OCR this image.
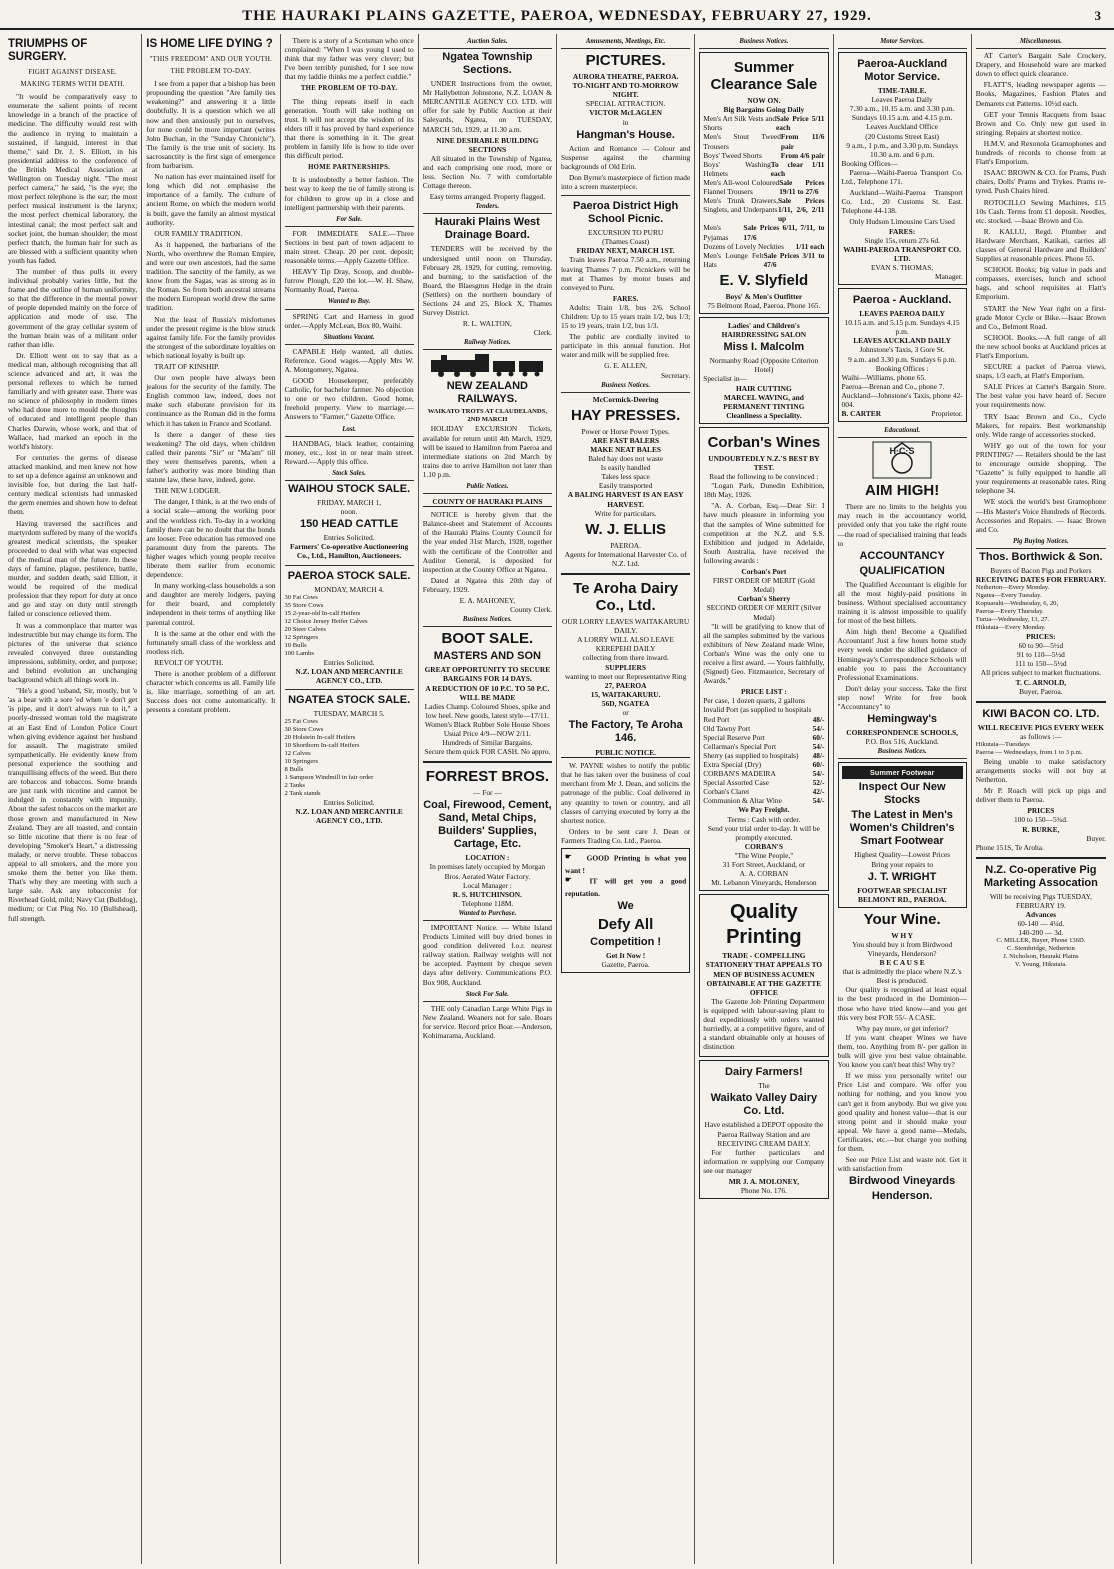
THE HAURAKI PLAINS GAZETTE, PAEROA, WEDNESDAY, FEBRUARY 27, 1929.	3
TRIUMPHS OF SURGERY.
FIGHT AGAINST DISEASE.
MAKING TERMS WITH DEATH.
"It would be comparatively easy to enumerate the salient points of recent knowledge in a branch of the practice of medicine. The difficulty would rest with the audience in trying to maintain a sustained, if languid, interest in that theme," said Dr. J. S. Elliott, in his presidential address to the conference of the British Medical Association at Wellington on Tuesday night. "The most perfect camera," he said, "is the eye; the most perfect telephone is the ear; the most perfect musical instrument is the larynx; the most perfect chemical laboratory, the intestinal canal; the most perfect salt and socket joint, the human shoulder; the most perfect thatch, the human hair for such as are blessed with a sufficient quantity when youth has faded.
The number of thus pulls in every individual probably varies little, but the frame and the outline of human uniformity, so that the difference in the mental power of people depended mainly on the force of application and mode of use. The government of the gray cellular system of the human brain was of a militant order rather than idle.
Dr. Elliott went on to say that as a medical man, although recognising that all science advanced and art, it was the personal reflexes to which he turned familiarly and with greater ease. There was no science of philosophy in modern times who had done more to mould the thoughts of educated and intelligent people than Charles Darwin, whose work, and that of Wallace, had marked an epoch in the world's history.
For centuries the germs of disease attacked mankind, and men knew not how to set up a defence against an unknown and invisible foe, but during the last half-century medical scientists had unmasked the germ enemies and shown how to defeat them.
Having traversed the sacrifices and martyrdom suffered by many of the world's greatest medical scientists, the speaker proceeded to deal with what was expected of the medical man of the future. In these days of famine, plague, pestilence, battle, murder, and sudden death, said Elliott, it would be required of the medical profession that they report for duty at once and go and stay on duty until strength failed or conscience relieved them.
It was a commonplace that matter was indestructible but may change its form. The pictures of the universe that science revealed conveyed three outstanding impressions, sublimity, order, and purpose; and behind evolution an unchanging background which all things work in.
"He's a good 'usband, Sir, mostly, but 'e 'as a bear with a sore 'ed when 'e don't get 'is pipe, and it don't always run to it," a poorly-dressed woman told the magistrate at an East End of London Police Court when giving evidence against her husband for assault. The magistrate smiled sympathetically. He evidently knew from personal experience the soothing and tranquillising effects of the weed. But there are tobaccos and tobaccos. Some brands are just rank with nicotine and cannot be indulged in constantly with impunity. About the safest tobaccos on the market are those grown and manufactured in New Zealand. They are all toasted, and contain so little nicotine that there is no fear of developing "Smoker's Heart," a distressing malady, or nerve trouble. These tobaccos appeal to all smokers, and the more you smoke them the better you like them. That's why they are meeting with such a large sale. Ask any tobacconist for Riverhead Gold, mild; Navy Cut (Bulldog), medium; or Cut Plug No. 10 (Bullshead), full strength.
IS HOME LIFE DYING ?
"THIS FREEDOM" AND OUR YOUTH.
THE PROBLEM TO-DAY.
I see from a paper that a bishop has been propounding the question "Are family ties weakening?" and answering it a little doubtfully. It is a question which we all now and then anxiously put to ourselves, for none could be more important (writes John Buchan, in the "Sunday Chronicle"). The family is the true unit of society. Its sacrosanctity is the first sign of emergence from barbarism.
No nation has ever maintained itself for long which did not emphasise the importance of a family. The culture of ancient Rome, on which the modern world is built, gave the family an almost mystical authority.
OUR FAMILY TRADITION.
As it happened, the barbarians of the North, who overthrew the Roman Empire, and were our own ancestors, had the same tradition. The sanctity of the family, as we know from the Sagas, was as strong as in the Roman. So from both ancestral streams the modern European world drew the same tradition.
Not the least of Russia's misfortunes under the present regime is the blow struck against family life. For the family provides the strongest of the subordinate loyalties on which national loyalty is built up.
TRAIT OF KINSHIP.
Our own people have always been jealous for the security of the family. The English common law, indeed, does not make such elaborate provision for its continuance as the Roman did in the forms which it has taken in France and Scotland.
Is there a danger of these ties weakening? The old days, when children called their parents "Sir" or "Ma'am" till they were themselves parents, when a father's authority was more binding than statute law, these have, indeed, gone.
THE NEW LODGER.
The danger, I think, is at the two ends of a social scale—among the working poor and the workless rich. To-day in a working family there can be no doubt that the bonds are looser. Free education has removed one paramount duty from the parents. The higher wages which young people receive liberate them earlier from economic dependence.
In many working-class households a son and daughter are merely lodgers, paying for their board, and completely independent in their terms of anything like parental control.
It is the same at the other end with the fortunately small class of the workless and rootless rich.
REVOLT OF YOUTH.
There is another problem of a different character which concerns us all. Family life is, like marriage, something of an art. Success does not come automatically. It presents a constant problem.
There is a story of a Scotsman who once complained: "When I was young I used to think that my father was very clever; but I've been terribly punished, for I see now that my laddie thinks me a perfect cuddie."
THE PROBLEM OF TO-DAY.
The thing repeats itself in each generation. Youth will take nothing on trust. It will not accept the wisdom of its elders till it has proved by hard experience that there is something in it. The great problem in family life is how to tide over this difficult period.
HOME PARTNERSHIPS.
It is undoubtedly a better fashion. The best way to keep the tie of family strong is for children to grow up in a close and intelligent partnership with their parents.
For Sale.
FOR IMMEDIATE SALE.—Three Sections in best part of town adjacent to main street. Cheap. 20 per cent. deposit; reasonable terms.—Apply Gazette Office.
HEAVY Tip Dray, Scoop, and double-furrow Plough, £20 the lot.—W. H. Shaw, Normanby Road, Paeroa.
Wanted to Buy.
SPRING Cart and Harness in good order.—Apply McLean, Box 80, Waihi.
Situations Vacant.
CAPABLE Help wanted, all duties. Reference. Good wages.—Apply Mrs W. A. Montgomery, Ngatea.
GOOD Housekeeper, preferably Catholic, for bachelor farmer. No objection to one or two children. Good home, freehold property. View to marriage.—Answers to "Farmer," Gazette Office.
Lost.
HANDBAG, black leather, containing money, etc., lost in or near main street. Reward.—Apply this office.
Stock Sales.
WAIHOU STOCK SALE.
FRIDAY, MARCH 1,
noon.
150 HEAD CATTLE
Entries Solicited.
Farmers' Co-operative Auctioneering Co., Ltd., Hamilton, Auctioneers.
PAEROA STOCK SALE.
MONDAY, MARCH 4.
30 Fat Cows
35 Store Cows
15 2-year-old In-calf Heifers
12 Choice Jersey Heifer Calves
20 Steer Calves
12 Springers
10 Bulls
100 Lambs
Entries Solicited.
N.Z. LOAN AND MERCANTILE AGENCY CO., LTD.
NGATEA STOCK SALE.
TUESDAY, MARCH 5.
25 Fat Cows
30 Store Cows
20 Holstein In-calf Heifers
10 Shorthorn In-calf Heifers
12 Calves
10 Springers
8 Bulls
1 Sampson Windmill in fair order
2 Tanks
2 Tank stands
Entries Solicited.
N.Z. LOAN AND MERCANTILE AGENCY CO., LTD.
Auction Sales.
Ngatea Township Sections.
UNDER Instructions from the owner, Mr Hallybetton Johnstone, N.Z. LOAN & MERCANTILE AGENCY CO. LTD. will offer for sale by Public Auction at their Saleyards, Ngatea, on TUESDAY, MARCH 5th, 1929, at 11.30 a.m.
NINE DESIRABLE BUILDING SECTIONS
All situated in the Township of Ngatea, and each comprising one rood, more or less. Section No. 7 with comfortable Cottage thereon.
Easy terms arranged. Property flagged.
Tenders.
Hauraki Plains West Drainage Board.
TENDERS will be received by the undersigned until noon on Thursday, February 28, 1929, for cutting, removing, and burning, to the satisfaction of the Board, the Blaesgnus Hedge in the drain (Settlers) on the northern boundary of Sections 24 and 25, Block X, Thames Survey District.
R. L. WALTON,
Clerk.
Railway Notices.
NEW ZEALAND RAILWAYS.
WAIKATO TROTS AT CLAUDELANDS, 2ND MARCH
HOLIDAY EXCURSION Tickets, available for return until 4th March, 1929, will be issued to Hamilton from Paeroa and intermediate stations on 2nd March by trains due to arrive Hamilton not later than 1.10 p.m.
Public Notices.
COUNTY OF HAURAKI PLAINS
NOTICE is hereby given that the Balance-sheet and Statement of Accounts of the Hauraki Plains County Council for the year ended 31st March, 1928, together with the certificate of the Controller and Auditor General, is deposited for inspection at the County Office at Ngatea.
Dated at Ngatea this 20th day of February, 1929.
E. A. MAHONEY,
County Clerk.
Business Notices.
BOOT SALE.
MASTERS AND SON
GREAT OPPORTUNITY TO SECURE BARGAINS FOR 14 DAYS.
A REDUCTION OF 10 P.C. TO 50 P.C. WILL BE MADE
Ladies Champ. Coloured Shoes, spike and low heel. New goods, latest style—17/11.
Women's Black Rubber Sole House Shoes Usual Price 4/9—NOW 2/11.
Hundreds of Similar Bargains.
Secure them quick FOR CASH. No appro.
FORREST BROS.
— For —
Coal, Firewood, Cement, Sand, Metal Chips, Builders' Supplies, Cartage, Etc.
LOCATION :
In premises lately occupied by Morgan Bros. Aerated Water Factory.
Local Manager :
R. S. HUTCHINSON.
Telephone 118M.
Wanted to Purchase.
IMPORTANT Notice. — White Island Products Limited will buy dried bones in good condition delivered f.o.r. nearest railway station. Railway weights will not be accepted. Payment by cheque seven days after delivery. Communications P.O. Box 908, Auckland.
Stock For Sale.
THE only Canadian Large White Pigs in New Zealand. Weaners not for sale. Boars for service. Record price Boar.—Anderson, Kohimarama, Auckland.
Amusements, Meetings, Etc.
PICTURES.
AURORA THEATRE, PAEROA.
TO-NIGHT AND TO-MORROW NIGHT.
SPECIAL ATTRACTION.
VICTOR McLAGLEN
in
Hangman's House.
Action and Romance — Colour and Suspense against the charming backgrounds of Old Erin.
Don Byrne's masterpiece of fiction made into a screen masterpiece.
Paeroa District High School Picnic.
EXCURSION TO PURU
(Thames Coast)
FRIDAY NEXT, MARCH 1ST.
Train leaves Paeroa 7.50 a.m., returning leaving Thames 7 p.m. Picnickers will be met at Thames by motor buses and conveyed to Puru.
FARES.
Adults: Train 1/8, bus 2/6. School Children: Up to 15 years train 1/2, bus 1/3; 15 to 19 years, train 1/2, bus 1/3.
The public are cordially invited to participate in this annual function. Hot water and milk will be supplied free.
G. E. ALLEN,
Secretary.
Business Notices.
McCormick-Deering
HAY PRESSES.
Power or Horse Power Types.
ARE FAST BALERS
MAKE NEAT BALES
Baled hay does not waste
Is easily handled
Takes less space
Easily transported
A BALING HARVEST IS AN EASY HARVEST.
Write for particulars.
W. J. ELLIS
PAEROA.
Agents for International Harvester Co. of N.Z. Ltd.
Te Aroha Dairy Co., Ltd.
OUR LORRY LEAVES WAITAKARURU DAILY.
A LORRY WILL ALSO LEAVE KEREPEHI DAILY
collecting from there inward.
SUPPLIERS
wanting to meet our Representative Ring
27, PAEROA
15, WAITAKARURU.
56D, NGATEA
or
The Factory, Te Aroha 146.
PUBLIC NOTICE.
W. PAYNE wishes to notify the public that he has taken over the business of coal merchant from Mr J. Dean, and solicits the patronage of the public. Coal delivered in any quantity to town or country, and all classes of carrying executed by lorry at the shortest notice.
Orders to be sent care J. Dean or Farmers Trading Co. Ltd., Paeroa.
☛ GOOD Printing is what you want !
☛ IT will get you a good reputation.
We
Defy All
Competition !
Get It Now !
Gazette, Paeroa.
Business Notices.
Summer Clearance Sale
NOW ON.
Big Bargains Going Daily
Men's Art Silk Vests and Shorts
Sale Price 5/11 each
Men's Stout Tweed Trousers
From 11/6 pair
Boys' Tweed Shorts	From 4/6 pair
Boys' Washing Helmets
To clear 1/11 each
Men's All-wool Coloured Flannel Trousers
Sale Prices 19/11 to 27/6
Men's Trunk Drawers, Singlets, and Underpants
Sale Prices 1/11, 2/6, 2/11 up
Men's Pyjamas
Sale Prices 6/11, 7/11, to 17/6
Dozens of Lovely Neckties 1/11 each
Men's Lounge Felt Hats
Sale Prices 3/11 to 47/6
E. V. Slyfield
Boys' & Men's Outfitter
75 Belmont Road, Paeroa. Phone 165.
Ladies' and Children's HAIRDRESSING SALON
Miss I. Malcolm
Normanby Road (Opposite Criterion Hotel)
Specialist in—
HAIR CUTTING
MARCEL WAVING, and
PERMANENT TINTING
Cleanliness a Speciality.
Corban's Wines
UNDOUBTEDLY N.Z.'S BEST BY TEST.
Read the following to be convinced :
"Logan Park, Dunedin Exhibition, 18th May, 1926.
"A. A. Corban, Esq.—Dear Sir: I have much pleasure in informing you that the samples of Wine submitted for competition at the N.Z. and S.S. Exhibition and judged in Adelaide, South Australia, have received the following awards :
Corban's Port
FIRST ORDER OF MERIT (Gold Medal)
Corban's Sherry
SECOND ORDER OF MERIT (Silver Medal)
"It will be gratifying to know that of all the samples submitted by the various exhibitors of New Zealand made Wine, Corban's Wine was the only one to receive a first award. — Yours faithfully, (Signed) Geo. Fitzmaurice, Secretary of Awards."
PRICE LIST :
Per case, 1 dozen quarts, 2 gallons
Invalid Port (as supplied to hospitals
Red Port	48/-
Old Tawny Port	54/-
Special Reserve Port	60/-
Cellarman's Special Port	54/-
Sherry (as supplied to hospitals) 48/-
Extra Special (Dry)	60/-
CORBAN'S MADEIRA	54/-
Special Assorted Case	52/-
Corban's Claret	42/-
Communion & Altar Wine	54/-
We Pay Freight.
Terms : Cash with order.
Send your trial order to-day. It will be promptly executed.
CORBAN'S
"The Wine People,"
31 Fort Street, Auckland, or
A. A. CORBAN
Mt. Lebanon Vineyards, Henderson
Quality
Printing
TRADE - COMPELLING STATIONERY THAT APPEALS TO MEN OF BUSINESS ACUMEN OBTAINABLE AT THE GAZETTE OFFICE
The Gazette Job Printing Department is equipped with labour-saving plant to deal expeditiously with orders wanted hurriedly, at a competitive figure, and of a standard obtainable only at houses of distinction
Dairy Farmers!
The
Waikato Valley Dairy Co. Ltd.
Have established a DEPOT opposite the Paeroa Railway Station and are RECEIVING CREAM DAILY.
For further particulars and information re supplying our Company see our manager
MR J. A. MOLONEY,
Phone No. 176.
Motor Services.
Paeroa-Auckland Motor Service.
TIME-TABLE.
Leaves Paeroa Daily
7.30 a.m., 10.15 a.m. and 3.30 p.m. Sundays 10.15 a.m. and 4.15 p.m.
Leaves Auckland Office
(20 Customs Street East)
9 a.m., 1 p.m., and 3.30 p.m. Sundays 10.30 a.m. and 6 p.m.
Booking Offices—
Paeroa—Waihi-Paeroa Transport Co. Ltd., Telephone 171.
Auckland—Waihi-Paeroa Transport Co. Ltd., 20 Customs St. East. Telephone 44-138.
Only Hudson Limousine Cars Used
FARES:
Single 15s, return 27s 6d.
WAIHI-PAEROA TRANSPORT CO. LTD.
EVAN S. THOMAS,
Manager.
Paeroa - Auckland.
LEAVES PAEROA DAILY
10.15 a.m. and 5.15 p.m. Sundays 4.15 p.m.
LEAVES AUCKLAND DAILY
Johnstone's Taxis, 3 Gore St.
9 a.m. and 3.30 p.m. Sundays 6 p.m.
Booking Offices :
Waihi—Williams, phone 65.
Paeroa—Brenan and Co., phone 7.
Auckland—Johnstone's Taxis, phone 42-004.
B. CARTER	Proprietor.
Educational.
H·C·S
AIM HIGH!
There are no limits to the heights you may reach in the accountancy world, provided only that you take the right route—the road of specialised training that leads to
ACCOUNTANCY
QUALIFICATION
The Qualified Accountant is eligible for all the most highly-paid positions in business. Without specialised accountancy training it is almost impossible to qualify for most of the best billets.
Aim high then! Become a Qualified Accountant! Just a few hours home study every week under the skilled guidance of Hemingway's Correspondence Schools will enable you to pass the Accountancy Professional Examinations.
Don't delay your success. Take the first step now! Write for free book "Accountancy" to
Hemingway's
CORRESPONDENCE SCHOOLS,
P.O. Box 516, Auckland.
Business Notices.
Summer Footwear
Inspect Our New Stocks
The Latest in Men's Women's Children's Smart Footwear
Highest Quality—Lowest Prices
Bring your repairs to
J. T. WRIGHT
FOOTWEAR SPECIALIST BELMONT RD., PAEROA.
Your Wine.
W H Y
You should buy it from Birdwood Vineyards, Henderson?
B E C A U S E
that is admittedly the place where N.Z.'s Best is produced.
Our quality is recognised at least equal to the best produced in the Dominion—those who have tried know—and you get this very best FOR 55/- A CASE.
Why pay more, or get inferior?
If you want cheaper Wines we have them, too. Anything from 8/- per gallon in bulk will give you best value obtainable. You know you can't beat this! Why try?
If we miss you personally write! our Price List and compare. We offer you nothing for nothing, and you know you can't get it from anybody. But we give you good quality and honest value—that is our strong point and it should make your appeal. We have a good name—Medals, Certificates, etc.—but charge you nothing for them.
See our Price List and waste not. Get it with satisfaction from
Birdwood Vineyards
Henderson.
Miscellaneous.
AT Carter's Bargain Sale Crockery, Drapery, and Household ware are marked down to effect quick clearance.
FLATT'S, leading newspaper agents — Books, Magazines, Fashion Plates and Demarets cut Patterns. 10½d each.
GET your Tennis Racquets from Isaac Brown and Co. Only new gut used in stringing. Repairs at shortest notice.
H.M.V. and Rexonola Gramophones and hundreds of records to choose from at Flatt's Emporium.
ISAAC BROWN & CO. for Prams, Push chairs, Dolls' Prams and Trykes. Prams re-tyred. Push Chairs hired.
ROTOCILLO Sewing Machines, £15 10s Cash. Terms from £1 deposit. Needles, etc. stocked. —Isaac Brown and Co.
R. KALLU, Regd. Plumber and Hardware Merchant, Katikati, carries all classes of General Hardware and Builders' Supplies at reasonable prices. Phone 55.
SCHOOL Books; big value in pads and compasses, exercises, lunch and school bags, and school requisites at Flatt's Emporium.
START the New Year right on a first-grade Motor Cycle or Bike.—Isaac Brown and Co., Belmont Road.
SCHOOL Books.—A full range of all the new school books at Auckland prices at Flatt's Emporium.
SECURE a packet of Paeroa views, snaps, 1/3 each, at Flatt's Emporium.
SALE Prices at Carter's Bargain Store. The best value you have heard of. Secure your requirements now.
TRY Isaac Brown and Co., Cycle Makers, for repairs. Best workmanship only. Wide range of accessories stocked.
WHY go out of the town for your PRINTING? — Retailers should be the last to encourage outside shopping. The "Gazette" is fully equipped to handle all your requirements at reasonable rates. Ring telephone 34.
WE stock the world's best Gramophone—His Master's Voice Hundreds of Records. Accessories and Repairs. — Isaac Brown and Co.
Pig Buying Notices.
Thos. Borthwick & Son.
Buyers of Bacon Pigs and Porkers
RECEIVING DATES FOR FEBRUARY.
Netherton—Every Monday.
Ngatea—Every Tuesday.
Kopuarahi—Wednesday, 6, 20,
Paeroa—Every Thursday.
Turua—Wednesday, 13, 27.
Hikutaia—Every Monday.
PRICES:
60 to 90—5½d
91 to 110—5½d
111 to 150—5½d
All prices subject to market fluctuations.
T. C. ARNOLD,
Buyer, Paeroa.
KIWI BACON CO. LTD.
WILL RECEIVE PIGS EVERY WEEK
as follows :—
Hikutaia—Tuesdays
Paeroa — Wednesdays, from 1 to 3 p.m.
Being unable to make satisfactory arrangements stocks will not buy at Netherton.
Mr P. Roach will pick up pigs and deliver them to Paeroa.
PRICES
100 to 150—5¾d.
R. BURKE,
Buyer.
Phone 151S, Te Aroha.
N.Z. Co-operative Pig Marketing Assocation
Will be receiving Pigs TUESDAY, FEBRUARY 19.
Advances
60-140 — 4¼d.
140-200 — 3d.
C. MILLER, Buyer, Phone 136D.
C. Stembridge, Netherton
J. Nicholson, Hauraki Plains
V. Young, Hikutaia.
